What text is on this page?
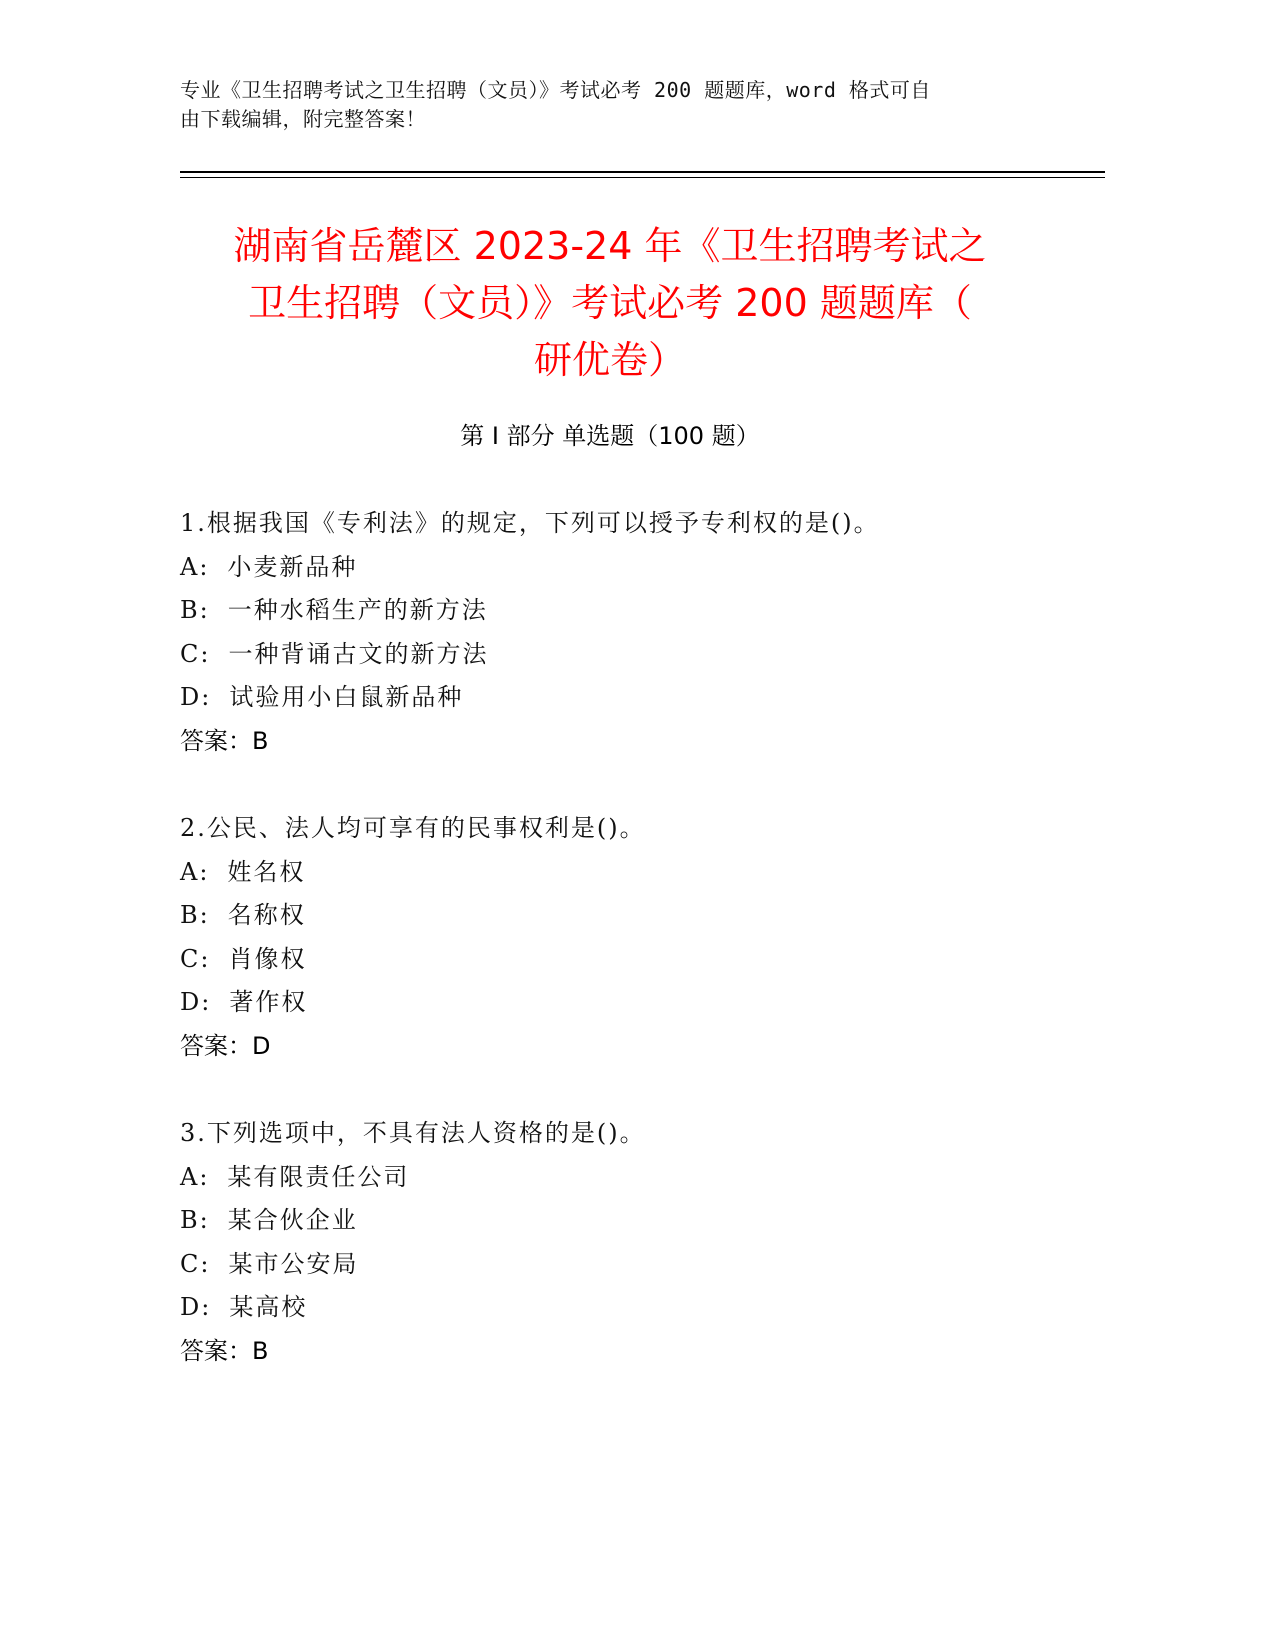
专业《卫生招聘考试之卫生招聘（文员）》考试必考 200 题题库，word 格式可自
由下载编辑，附完整答案！
湖南省岳麓区 2023-24 年《卫生招聘考试之
卫生招聘（文员）》考试必考 200 题题库（
研优卷）
第 I 部分 单选题（100 题）
1.根据我国《专利法》的规定，下列可以授予专利权的是()。
A: 小麦新品种
B: 一种水稻生产的新方法
C: 一种背诵古文的新方法
D: 试验用小白鼠新品种
答案：B
2.公民、法人均可享有的民事权利是()。
A: 姓名权
B: 名称权
C: 肖像权
D: 著作权
答案：D
3.下列选项中，不具有法人资格的是()。
A: 某有限责任公司
B: 某合伙企业
C: 某市公安局
D: 某高校
答案：B
